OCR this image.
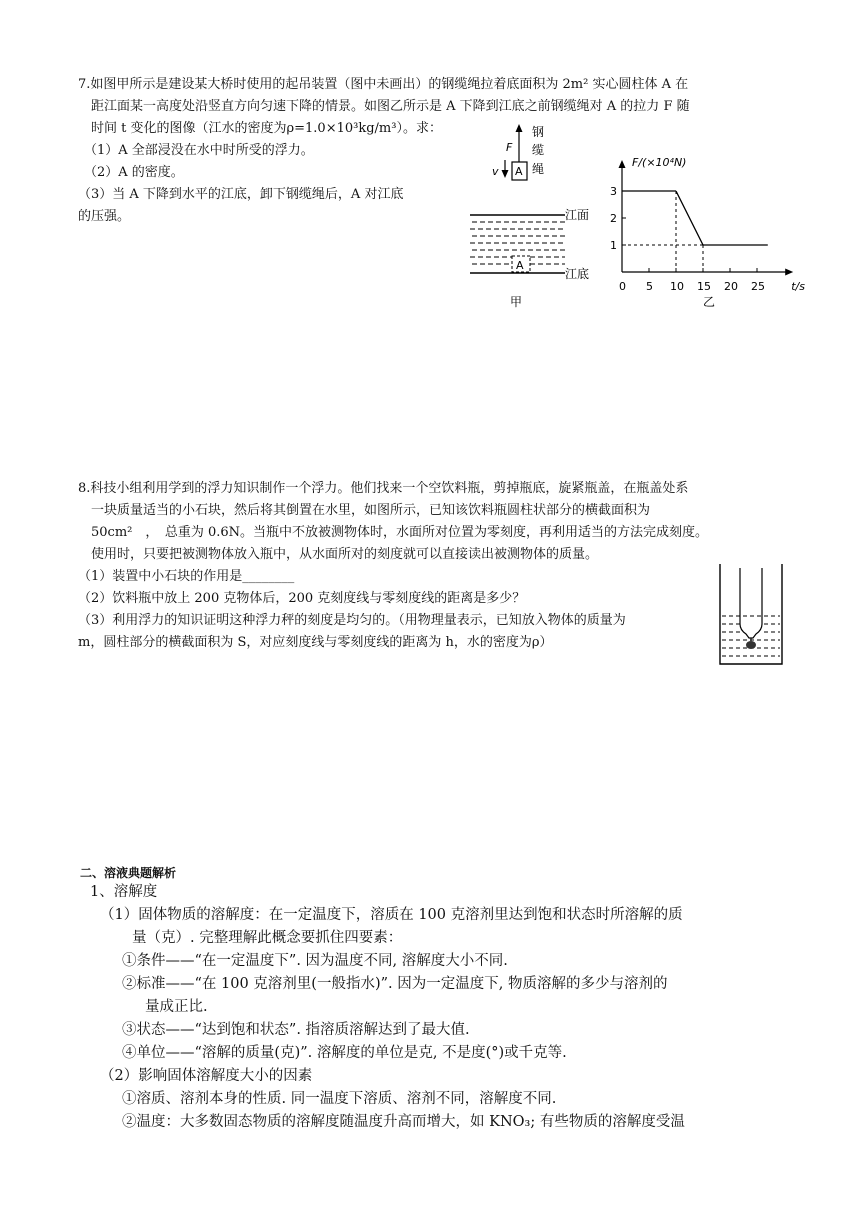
7.如图甲所示是建设某大桥时使用的起吊装置（图中未画出）的钢缆绳拉着底面积为 2m² 实心圆柱体 A 在
距江面某一高度处沿竖直方向匀速下降的情景。如图乙所示是 A 下降到江底之前钢缆绳对 A 的拉力 F 随
时间 t 变化的图像（江水的密度为ρ=1.0×10³kg/m³）。求：
（1）A 全部浸没在水中时所受的浮力。
（2）A 的密度。
（3）当 A 下降到水平的江底，卸下钢缆绳后，A 对江底
的压强。
F
v A
钢
缆
绳
A
江面
江底
甲
F/(×10⁴N)
t/s
0
1
2
3
5 10 15 20 25
乙
8.科技小组利用学到的浮力知识制作一个浮力。他们找来一个空饮料瓶，剪掉瓶底，旋紧瓶盖，在瓶盖处系
一块质量适当的小石块，然后将其倒置在水里，如图所示，已知该饮料瓶圆柱状部分的横截面积为
50cm²　，　总重为 0.6N。当瓶中不放被测物体时，水面所对位置为零刻度，再利用适当的方法完成刻度。
使用时，只要把被测物体放入瓶中，从水面所对的刻度就可以直接读出被测物体的质量。
（1）装置中小石块的作用是________
（2）饮料瓶中放上 200 克物体后，200 克刻度线与零刻度线的距离是多少？
（3）利用浮力的知识证明这种浮力秤的刻度是均匀的。（用物理量表示，已知放入物体的质量为
m，圆柱部分的横截面积为 S，对应刻度线与零刻度线的距离为 h，水的密度为ρ）
二、溶液典题解析
1、溶解度
（1）固体物质的溶解度：在一定温度下，溶质在 100 克溶剂里达到饱和状态时所溶解的质
量（克）. 完整理解此概念要抓住四要素：
①条件——“在一定温度下”. 因为温度不同, 溶解度大小不同.
②标准——“在 100 克溶剂里(一般指水)”. 因为一定温度下, 物质溶解的多少与溶剂的
量成正比.
③状态——“达到饱和状态”. 指溶质溶解达到了最大值.
④单位——“溶解的质量(克)”. 溶解度的单位是克, 不是度(°)或千克等.
（2）影响固体溶解度大小的因素
①溶质、溶剂本身的性质. 同一温度下溶质、溶剂不同，溶解度不同.
②温度：大多数固态物质的溶解度随温度升高而增大，如 KNO₃; 有些物质的溶解度受温
